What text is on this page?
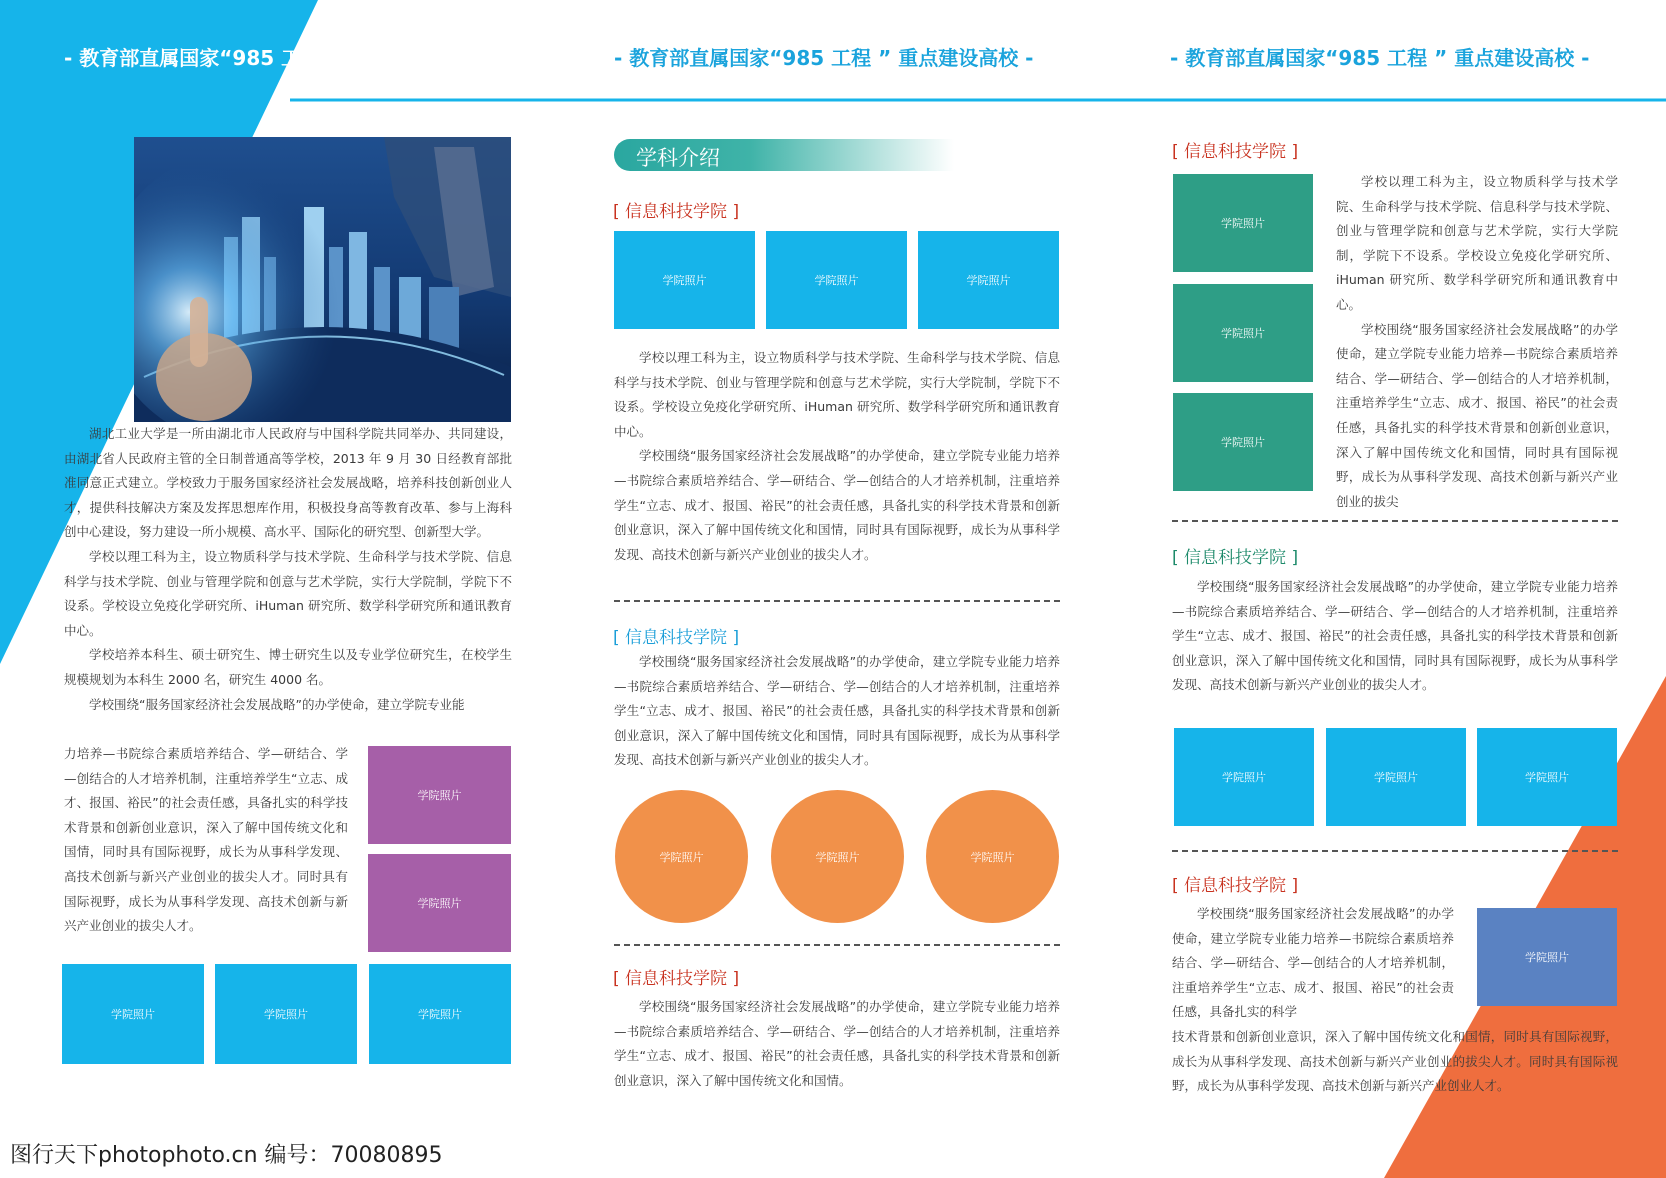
- 教育部直属国家“985 工程 ” 重点建设高校 -	- 教育部直属国家“985 工程 ” 重点建设高校 -	- 教育部直属国家“985 工程 ” 重点建设高校 -

湖北工业大学是一所由湖北市人民政府与中国科学院共同举办、共同建设，由湖北省人民政府主管的全日制普通高等学校，2013 年 9 月 30 日经教育部批准同意正式建立。学校致力于服务国家经济社会发展战略，培养科技创新创业人才，提供科技解决方案及发挥思想库作用，积极投身高等教育改革、参与上海科创中心建设，努力建设一所小规模、高水平、国际化的研究型、创新型大学。

学校以理工科为主，设立物质科学与技术学院、生命科学与技术学院、信息科学与技术学院、创业与管理学院和创意与艺术学院，实行大学院制，学院下不设系。学校设立免疫化学研究所、iHuman 研究所、数学科学研究所和通讯教育中心。

学校培养本科生、硕士研究生、博士研究生以及专业学位研究生，在校学生规模规划为本科生 2000 名，研究生 4000 名。

学校围绕“服务国家经济社会发展战略”的办学使命，建立学院专业能

力培养—书院综合素质培养结合、学—研结合、学—创结合的人才培养机制，注重培养学生“立志、成才、报国、裕民”的社会责任感，具备扎实的科学技术背景和创新创业意识，深入了解中国传统文化和国情，同时具有国际视野，成长为从事科学发现、高技术创新与新兴产业创业的拔尖人才。同时具有国际视野，成长为从事科学发现、高技术创新与新兴产业创业的拔尖人才。
学院照片
学院照片
学院照片	学院照片	学院照片
学科介绍
[ 信息科技学院 ]
学院照片	学院照片	学院照片

学校以理工科为主，设立物质科学与技术学院、生命科学与技术学院、信息科学与技术学院、创业与管理学院和创意与艺术学院，实行大学院制，学院下不设系。学校设立免疫化学研究所、iHuman 研究所、数学科学研究所和通讯教育中心。

学校围绕“服务国家经济社会发展战略”的办学使命，建立学院专业能力培养—书院综合素质培养结合、学—研结合、学—创结合的人才培养机制，注重培养学生“立志、成才、报国、裕民”的社会责任感，具备扎实的科学技术背景和创新创业意识，深入了解中国传统文化和国情，同时具有国际视野，成长为从事科学发现、高技术创新与新兴产业创业的拔尖人才。

[ 信息科技学院 ]

学校围绕“服务国家经济社会发展战略”的办学使命，建立学院专业能力培养—书院综合素质培养结合、学—研结合、学—创结合的人才培养机制，注重培养学生“立志、成才、报国、裕民”的社会责任感，具备扎实的科学技术背景和创新创业意识，深入了解中国传统文化和国情，同时具有国际视野，成长为从事科学发现、高技术创新与新兴产业创业的拔尖人才。

学院照片	学院照片	学院照片
[ 信息科技学院 ]

学校围绕“服务国家经济社会发展战略”的办学使命，建立学院专业能力培养—书院综合素质培养结合、学—研结合、学—创结合的人才培养机制，注重培养学生“立志、成才、报国、裕民”的社会责任感，具备扎实的科学技术背景和创新创业意识，深入了解中国传统文化和国情。

[ 信息科技学院 ]
学院照片
学院照片
学院照片

学校以理工科为主，设立物质科学与技术学院、生命科学与技术学院、信息科学与技术学院、创业与管理学院和创意与艺术学院，实行大学院制，学院下不设系。学校设立免疫化学研究所、iHuman 研究所、数学科学研究所和通讯教育中心。

学校围绕“服务国家经济社会发展战略”的办学使命，建立学院专业能力培养—书院综合素质培养结合、学—研结合、学—创结合的人才培养机制，注重培养学生“立志、成才、报国、裕民”的社会责任感，具备扎实的科学技术背景和创新创业意识，深入了解中国传统文化和国情，同时具有国际视野，成长为从事科学发现、高技术创新与新兴产业创业的拔尖

[ 信息科技学院 ]

学校围绕“服务国家经济社会发展战略”的办学使命，建立学院专业能力培养—书院综合素质培养结合、学—研结合、学—创结合的人才培养机制，注重培养学生“立志、成才、报国、裕民”的社会责任感，具备扎实的科学技术背景和创新创业意识，深入了解中国传统文化和国情，同时具有国际视野，成长为从事科学发现、高技术创新与新兴产业创业的拔尖人才。

学院照片	学院照片	学院照片
[ 信息科技学院 ]

学校围绕“服务国家经济社会发展战略”的办学使命，建立学院专业能力培养—书院综合素质培养结合、学—研结合、学—创结合的人才培养机制，注重培养学生“立志、成才、报国、裕民”的社会责任感，具备扎实的科学

技术背景和创新创业意识，深入了解中国传统文化和国情，同时具有国际视野，成长为从事科学发现、高技术创新与新兴产业创业的拔尖人才。同时具有国际视野，成长为从事科学发现、高技术创新与新兴产业创业人才。
学院照片
图行天下photophoto.cn 编号：70080895
